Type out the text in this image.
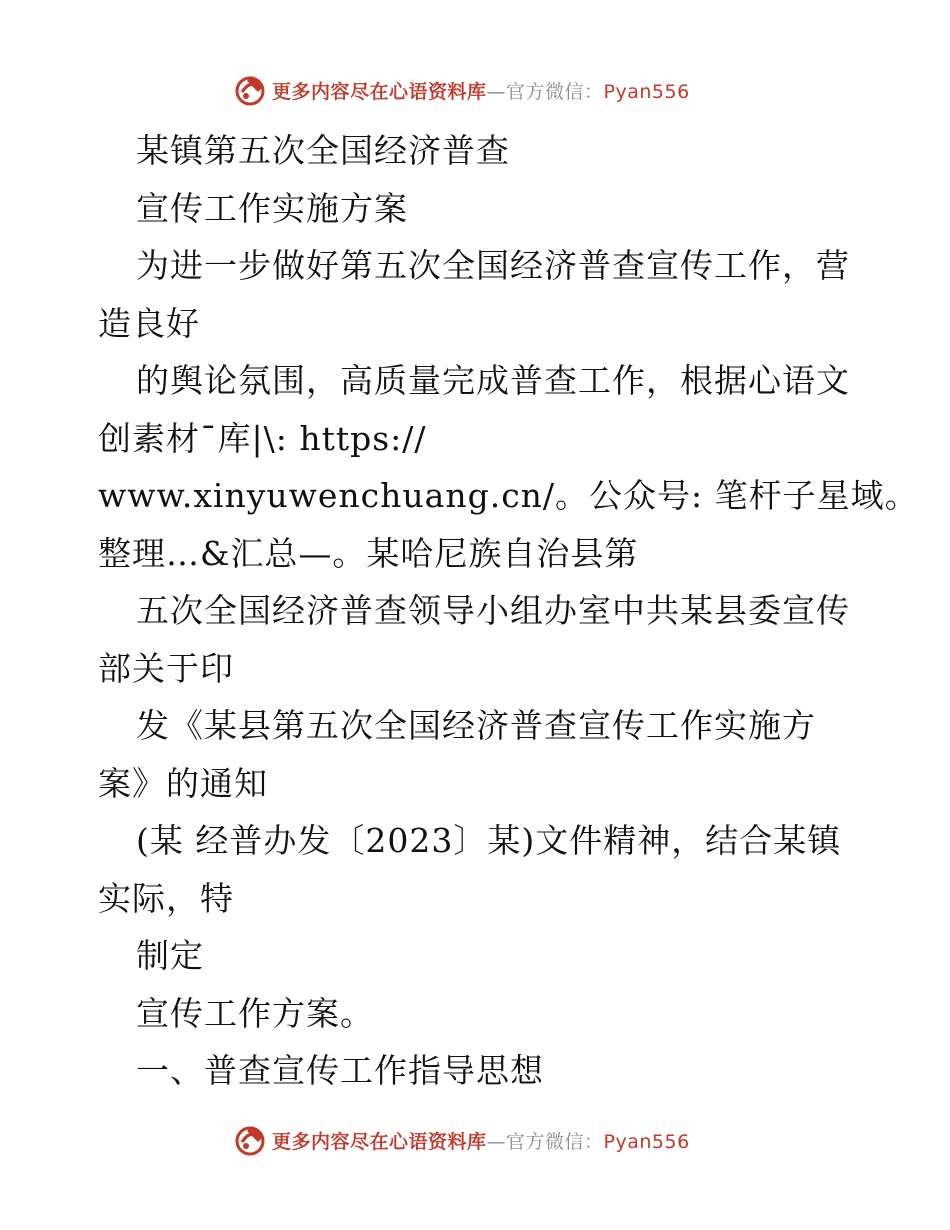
更多内容尽在心语资料库—官方微信：Pyan556
某镇第五次全国经济普查
宣传工作实施方案
为进一步做好第五次全国经济普查宣传工作，营
造良好
的舆论氛围，高质量完成普查工作，根据心语文
创素材¯库|\: https://
www.xinyuwenchuang.cn/。公众号: 笔杆子星域。
整理…&汇总—。某哈尼族自治县第
五次全国经济普查领导小组办室中共某县委宣传
部关于印
发《某县第五次全国经济普查宣传工作实施方
案》的通知
(某 经普办发〔2023〕某)文件精神，结合某镇
实际，特
制定
宣传工作方案。
一、普查宣传工作指导思想
更多内容尽在心语资料库—官方微信：Pyan556
